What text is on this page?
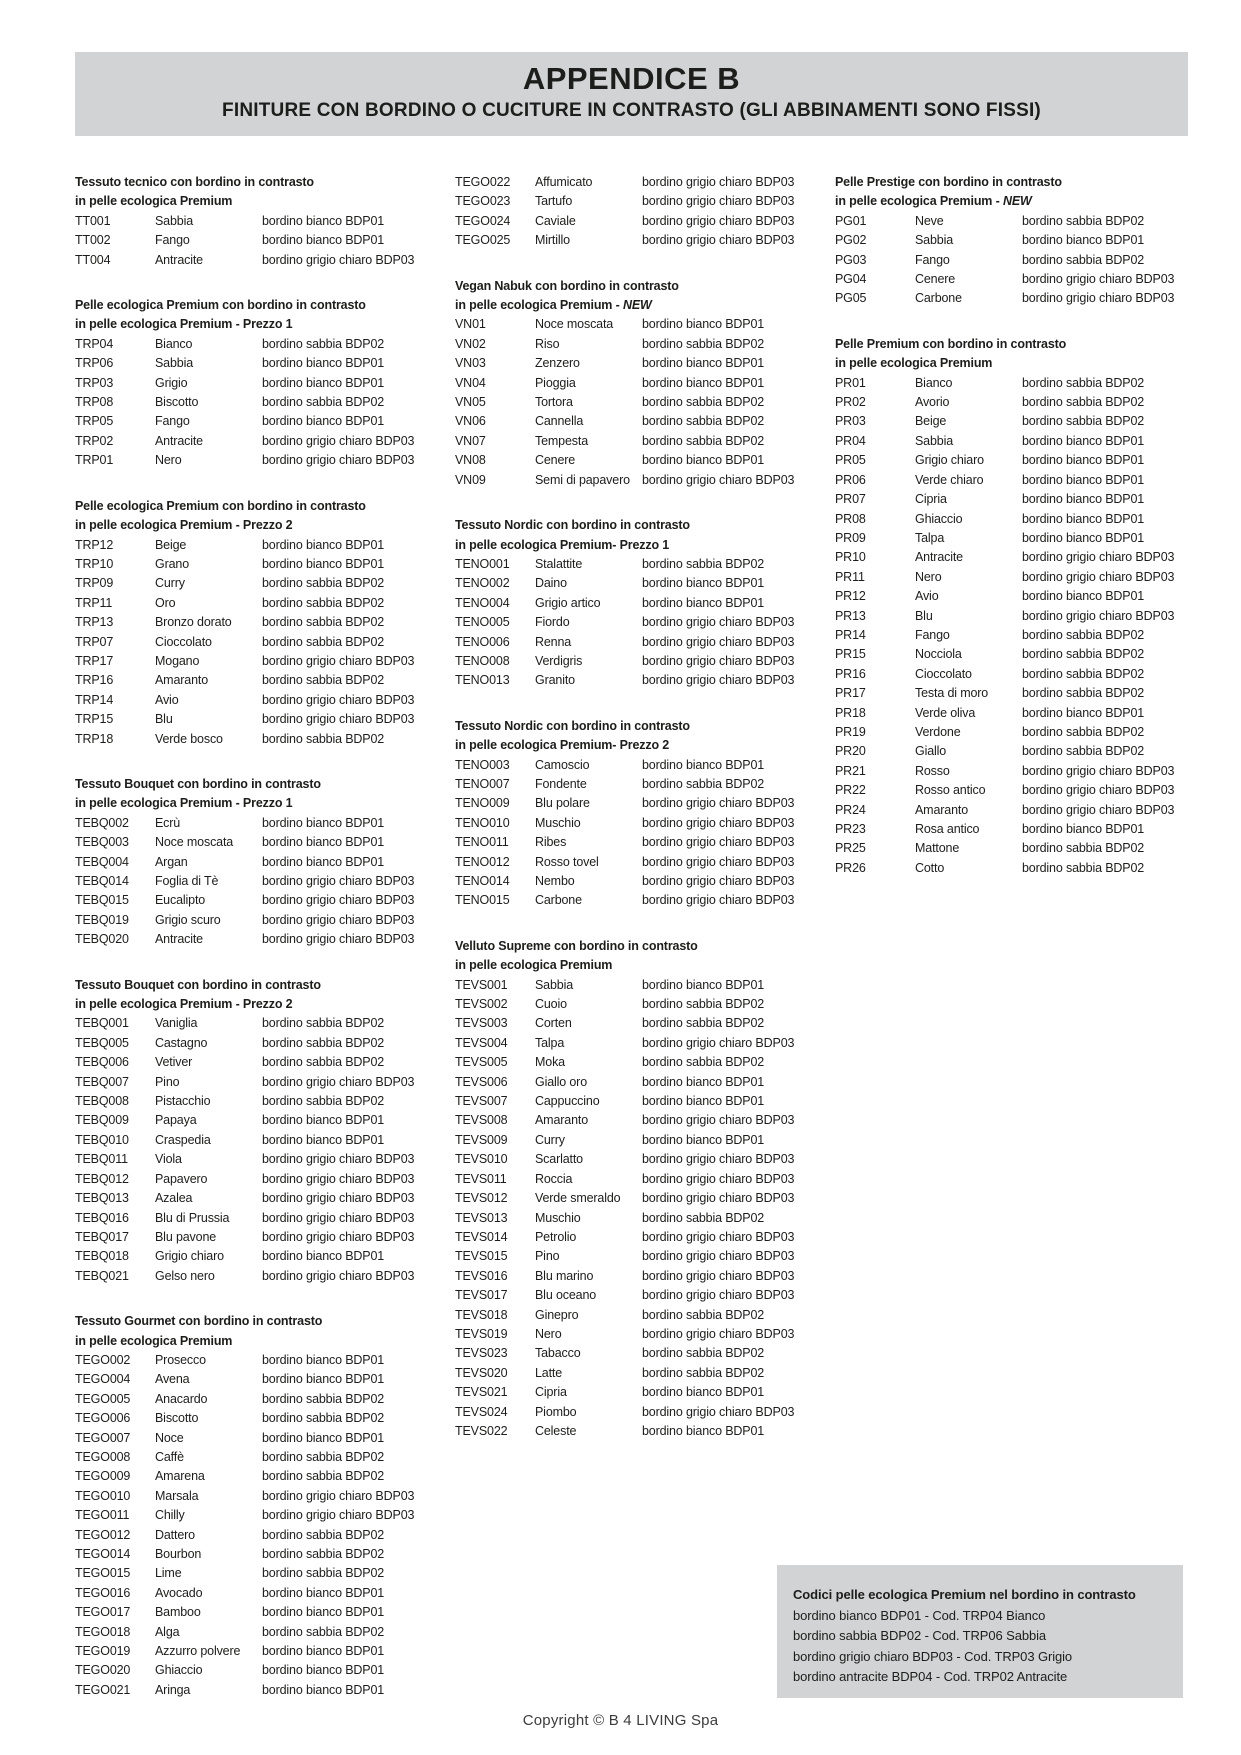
APPENDICE B
FINITURE CON BORDINO O CUCITURE IN CONTRASTO (GLI ABBINAMENTI SONO FISSI)
Tessuto tecnico con bordino in contrasto
in pelle ecologica Premium
TT001	Sabbia	bordino bianco BDP01
TT002	Fango	bordino bianco BDP01
TT004	Antracite	bordino grigio chiaro BDP03
Pelle ecologica Premium con bordino in contrasto
in pelle ecologica Premium - Prezzo 1
TRP04	Bianco	bordino sabbia BDP02
TRP06	Sabbia	bordino bianco BDP01
TRP03	Grigio	bordino bianco BDP01
TRP08	Biscotto	bordino sabbia BDP02
TRP05	Fango	bordino bianco BDP01
TRP02	Antracite	bordino grigio chiaro BDP03
TRP01	Nero	bordino grigio chiaro BDP03
Pelle ecologica Premium con bordino in contrasto
in pelle ecologica Premium - Prezzo 2
TRP12	Beige	bordino bianco BDP01
TRP10	Grano	bordino bianco BDP01
TRP09	Curry	bordino sabbia BDP02
TRP11	Oro	bordino sabbia BDP02
TRP13	Bronzo dorato bordino sabbia BDP02
TRP07	Cioccolato	bordino sabbia BDP02
TRP17	Mogano	bordino grigio chiaro BDP03
TRP16	Amaranto	bordino sabbia BDP02
TRP14	Avio	bordino grigio chiaro BDP03
TRP15	Blu	bordino grigio chiaro BDP03
TRP18	Verde bosco	bordino sabbia BDP02
Tessuto Bouquet con bordino in contrasto
in pelle ecologica Premium - Prezzo 1
TEBQ002 Ecrù	bordino bianco BDP01
TEBQ003 Noce moscata bordino bianco BDP01
TEBQ004 Argan	bordino bianco BDP01
TEBQ014 Foglia di Tè	bordino grigio chiaro BDP03
TEBQ015 Eucalipto	bordino grigio chiaro BDP03
TEBQ019 Grigio scuro	bordino grigio chiaro BDP03
TEBQ020 Antracite	bordino grigio chiaro BDP03
Tessuto Bouquet con bordino in contrasto
in pelle ecologica Premium - Prezzo 2
TEBQ001 Vaniglia	bordino sabbia BDP02
TEBQ005 Castagno	bordino sabbia BDP02
TEBQ006 Vetiver	bordino sabbia BDP02
TEBQ007 Pino	bordino grigio chiaro BDP03
TEBQ008 Pistacchio	bordino sabbia BDP02
TEBQ009 Papaya	bordino bianco BDP01
TEBQ010 Craspedia	bordino bianco BDP01
TEBQ011 Viola	bordino grigio chiaro BDP03
TEBQ012 Papavero	bordino grigio chiaro BDP03
TEBQ013 Azalea	bordino grigio chiaro BDP03
TEBQ016 Blu di Prussia	bordino grigio chiaro BDP03
TEBQ017 Blu pavone	bordino grigio chiaro BDP03
TEBQ018 Grigio chiaro	bordino bianco BDP01
TEBQ021 Gelso nero	bordino grigio chiaro BDP03
Tessuto Gourmet con bordino in contrasto
in pelle ecologica Premium
TEGO002 Prosecco	bordino bianco BDP01
TEGO004 Avena	bordino bianco BDP01
TEGO005 Anacardo	bordino sabbia BDP02
TEGO006 Biscotto	bordino sabbia BDP02
TEGO007 Noce	bordino bianco BDP01
TEGO008 Caffè	bordino sabbia BDP02
TEGO009 Amarena	bordino sabbia BDP02
TEGO010 Marsala	bordino grigio chiaro BDP03
TEGO011 Chilly	bordino grigio chiaro BDP03
TEGO012 Dattero	bordino sabbia BDP02
TEGO014 Bourbon	bordino sabbia BDP02
TEGO015 Lime	bordino sabbia BDP02
TEGO016 Avocado	bordino bianco BDP01
TEGO017 Bamboo	bordino bianco BDP01
TEGO018 Alga	bordino sabbia BDP02
TEGO019 Azzurro polvere bordino bianco BDP01
TEGO020 Ghiaccio	bordino bianco BDP01
TEGO021 Aringa	bordino bianco BDP01
TEGO022 Affumicato	bordino grigio chiaro BDP03
TEGO023 Tartufo	bordino grigio chiaro BDP03
TEGO024 Caviale	bordino grigio chiaro BDP03
TEGO025 Mirtillo	bordino grigio chiaro BDP03
Vegan Nabuk con bordino in contrasto
in pelle ecologica Premium - NEW
VN01	Noce moscata bordino bianco BDP01
VN02	Riso	bordino sabbia BDP02
VN03	Zenzero	bordino bianco BDP01
VN04	Pioggia	bordino bianco BDP01
VN05	Tortora	bordino sabbia BDP02
VN06	Cannella	bordino sabbia BDP02
VN07	Tempesta	bordino sabbia BDP02
VN08	Cenere	bordino bianco BDP01
VN09	Semi di papavero bordino grigio chiaro BDP03
Tessuto Nordic con bordino in contrasto
in pelle ecologica Premium- Prezzo 1
TENO001 Stalattite	bordino sabbia BDP02
TENO002 Daino	bordino bianco BDP01
TENO004 Grigio artico	bordino bianco BDP01
TENO005 Fiordo	bordino grigio chiaro BDP03
TENO006 Renna	bordino grigio chiaro BDP03
TENO008 Verdigris	bordino grigio chiaro BDP03
TENO013 Granito	bordino grigio chiaro BDP03
Tessuto Nordic con bordino in contrasto
in pelle ecologica Premium- Prezzo 2
TENO003 Camoscio	bordino bianco BDP01
TENO007 Fondente	bordino sabbia BDP02
TENO009 Blu polare	bordino grigio chiaro BDP03
TENO010 Muschio	bordino grigio chiaro BDP03
TENO011 Ribes	bordino grigio chiaro BDP03
TENO012 Rosso tovel	bordino grigio chiaro BDP03
TENO014 Nembo	bordino grigio chiaro BDP03
TENO015 Carbone	bordino grigio chiaro BDP03
Velluto Supreme con bordino in contrasto
in pelle ecologica Premium
TEVS001 Sabbia	bordino bianco BDP01
TEVS002 Cuoio	bordino sabbia BDP02
TEVS003 Corten	bordino sabbia BDP02
TEVS004 Talpa	bordino grigio chiaro BDP03
TEVS005 Moka	bordino sabbia BDP02
TEVS006 Giallo oro	bordino bianco BDP01
TEVS007 Cappuccino	bordino bianco BDP01
TEVS008 Amaranto	bordino grigio chiaro BDP03
TEVS009 Curry	bordino bianco BDP01
TEVS010 Scarlatto	bordino grigio chiaro BDP03
TEVS011 Roccia	bordino grigio chiaro BDP03
TEVS012 Verde smeraldo bordino grigio chiaro BDP03
TEVS013 Muschio	bordino sabbia BDP02
TEVS014 Petrolio	bordino grigio chiaro BDP03
TEVS015 Pino	bordino grigio chiaro BDP03
TEVS016 Blu marino	bordino grigio chiaro BDP03
TEVS017 Blu oceano	bordino grigio chiaro BDP03
TEVS018 Ginepro	bordino sabbia BDP02
TEVS019 Nero	bordino grigio chiaro BDP03
TEVS023 Tabacco	bordino sabbia BDP02
TEVS020 Latte	bordino sabbia BDP02
TEVS021 Cipria	bordino bianco BDP01
TEVS024 Piombo	bordino grigio chiaro BDP03
TEVS022 Celeste	bordino bianco BDP01
Pelle Prestige con bordino in contrasto
in pelle ecologica Premium - NEW
PG01	Neve	bordino sabbia BDP02
PG02	Sabbia	bordino bianco BDP01
PG03	Fango	bordino sabbia BDP02
PG04	Cenere	bordino grigio chiaro BDP03
PG05	Carbone	bordino grigio chiaro BDP03
Pelle Premium con bordino in contrasto
in pelle ecologica Premium
PR01	Bianco	bordino sabbia BDP02
PR02	Avorio	bordino sabbia BDP02
PR03	Beige	bordino sabbia BDP02
PR04	Sabbia	bordino bianco BDP01
PR05	Grigio chiaro	bordino bianco BDP01
PR06	Verde chiaro	bordino bianco BDP01
PR07	Cipria	bordino bianco BDP01
PR08	Ghiaccio	bordino bianco BDP01
PR09	Talpa	bordino bianco BDP01
PR10	Antracite	bordino grigio chiaro BDP03
PR11	Nero	bordino grigio chiaro BDP03
PR12	Avio	bordino bianco BDP01
PR13	Blu	bordino grigio chiaro BDP03
PR14	Fango	bordino sabbia BDP02
PR15	Nocciola	bordino sabbia BDP02
PR16	Cioccolato	bordino sabbia BDP02
PR17	Testa di moro	bordino sabbia BDP02
PR18	Verde oliva	bordino bianco BDP01
PR19	Verdone	bordino sabbia BDP02
PR20	Giallo	bordino sabbia BDP02
PR21	Rosso	bordino grigio chiaro BDP03
PR22	Rosso antico	bordino grigio chiaro BDP03
PR24	Amaranto	bordino grigio chiaro BDP03
PR23	Rosa antico	bordino bianco BDP01
PR25	Mattone	bordino sabbia BDP02
PR26	Cotto	bordino sabbia BDP02
Codici pelle ecologica Premium nel bordino in contrasto
bordino bianco BDP01 - Cod. TRP04 Bianco
bordino sabbia BDP02 - Cod. TRP06 Sabbia
bordino grigio chiaro BDP03 - Cod. TRP03 Grigio
bordino antracite BDP04 - Cod. TRP02 Antracite
Copyright © B 4 LIVING Spa
